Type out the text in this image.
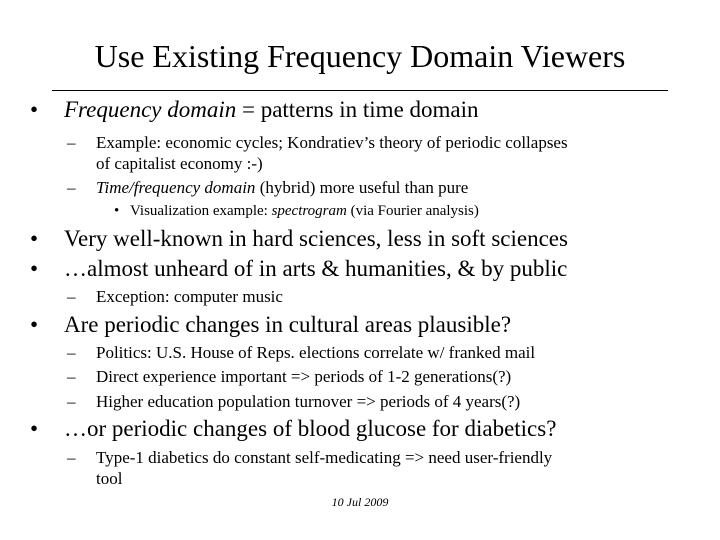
Use Existing Frequency Domain Viewers
• Frequency domain = patterns in time domain
– Example: economic cycles; Kondratiev’s theory of periodic collapses
of capitalist economy :-)
– Time/frequency domain (hybrid) more useful than pure
• Visualization example: spectrogram (via Fourier analysis)
• Very well-known in hard sciences, less in soft sciences
• …almost unheard of in arts & humanities, & by public
– Exception: computer music
• Are periodic changes in cultural areas plausible?
– Politics: U.S. House of Reps. elections correlate w/ franked mail
– Direct experience important => periods of 1-2 generations(?)
– Higher education population turnover => periods of 4 years(?)
• …or periodic changes of blood glucose for diabetics?
– Type-1 diabetics do constant self-medicating => need user-friendly
tool
10 Jul 2009
